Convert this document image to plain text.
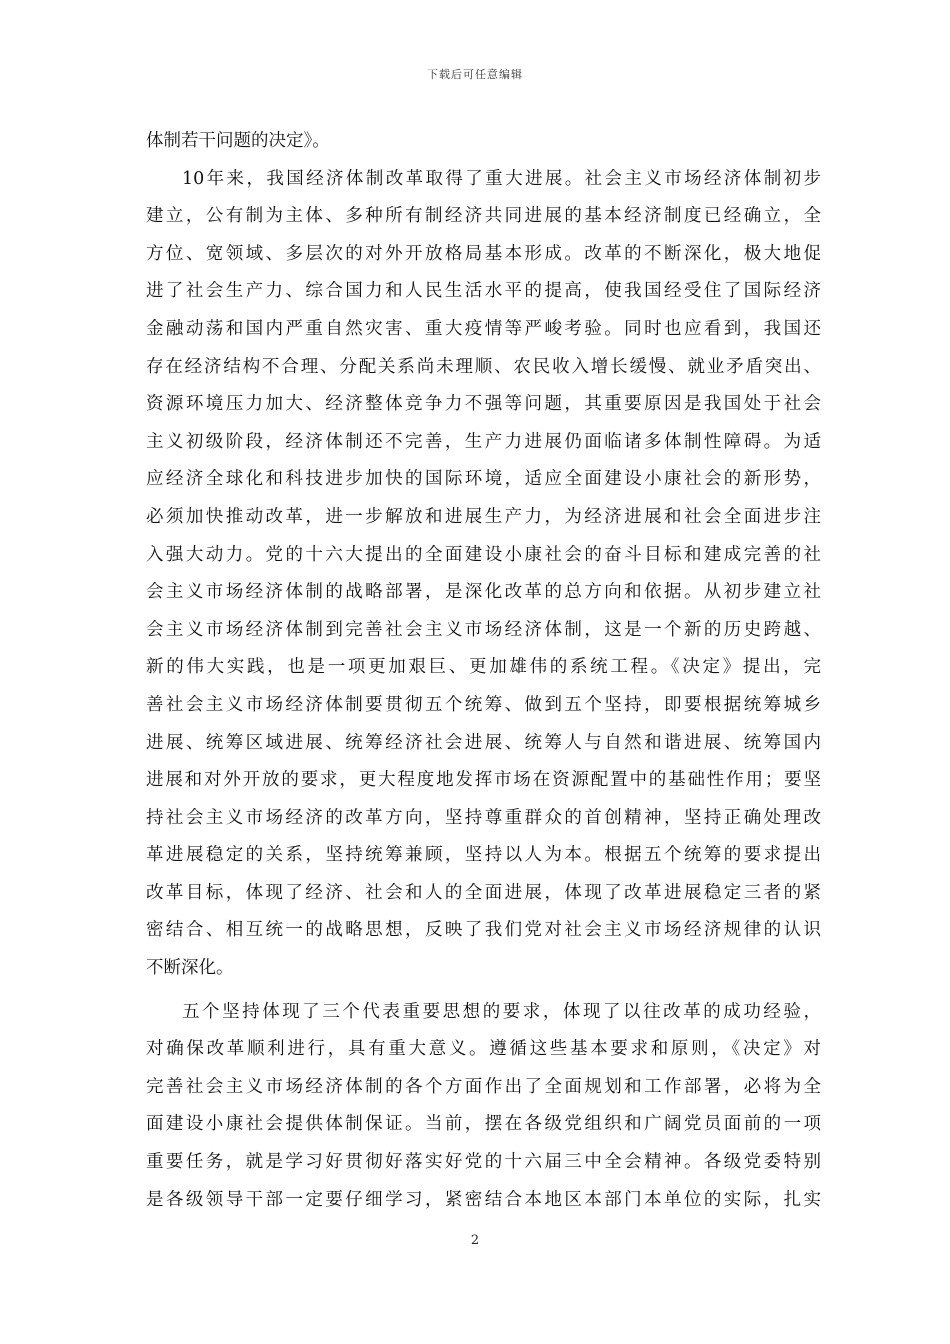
下载后可任意编辑
体制若干问题的决定》。
10年来，我国经济体制改革取得了重大进展。社会主义市场经济体制初步
建立，公有制为主体、多种所有制经济共同进展的基本经济制度已经确立，全
方位、宽领域、多层次的对外开放格局基本形成。改革的不断深化，极大地促
进了社会生产力、综合国力和人民生活水平的提高，使我国经受住了国际经济
金融动荡和国内严重自然灾害、重大疫情等严峻考验。同时也应看到，我国还
存在经济结构不合理、分配关系尚未理顺、农民收入增长缓慢、就业矛盾突出、
资源环境压力加大、经济整体竞争力不强等问题，其重要原因是我国处于社会
主义初级阶段，经济体制还不完善，生产力进展仍面临诸多体制性障碍。为适
应经济全球化和科技进步加快的国际环境，适应全面建设小康社会的新形势，
必须加快推动改革，进一步解放和进展生产力，为经济进展和社会全面进步注
入强大动力。党的十六大提出的全面建设小康社会的奋斗目标和建成完善的社
会主义市场经济体制的战略部署，是深化改革的总方向和依据。从初步建立社
会主义市场经济体制到完善社会主义市场经济体制，这是一个新的历史跨越、
新的伟大实践，也是一项更加艰巨、更加雄伟的系统工程。《决定》提出，完
善社会主义市场经济体制要贯彻五个统筹、做到五个坚持，即要根据统筹城乡
进展、统筹区域进展、统筹经济社会进展、统筹人与自然和谐进展、统筹国内
进展和对外开放的要求，更大程度地发挥市场在资源配置中的基础性作用；要坚
持社会主义市场经济的改革方向，坚持尊重群众的首创精神，坚持正确处理改
革进展稳定的关系，坚持统筹兼顾，坚持以人为本。根据五个统筹的要求提出
改革目标，体现了经济、社会和人的全面进展，体现了改革进展稳定三者的紧
密结合、相互统一的战略思想，反映了我们党对社会主义市场经济规律的认识
不断深化。
五个坚持体现了三个代表重要思想的要求，体现了以往改革的成功经验，
对确保改革顺利进行，具有重大意义。遵循这些基本要求和原则，《决定》对
完善社会主义市场经济体制的各个方面作出了全面规划和工作部署，必将为全
面建设小康社会提供体制保证。当前，摆在各级党组织和广阔党员面前的一项
重要任务，就是学习好贯彻好落实好党的十六届三中全会精神。各级党委特别
是各级领导干部一定要仔细学习，紧密结合本地区本部门本单位的实际，扎实
2
